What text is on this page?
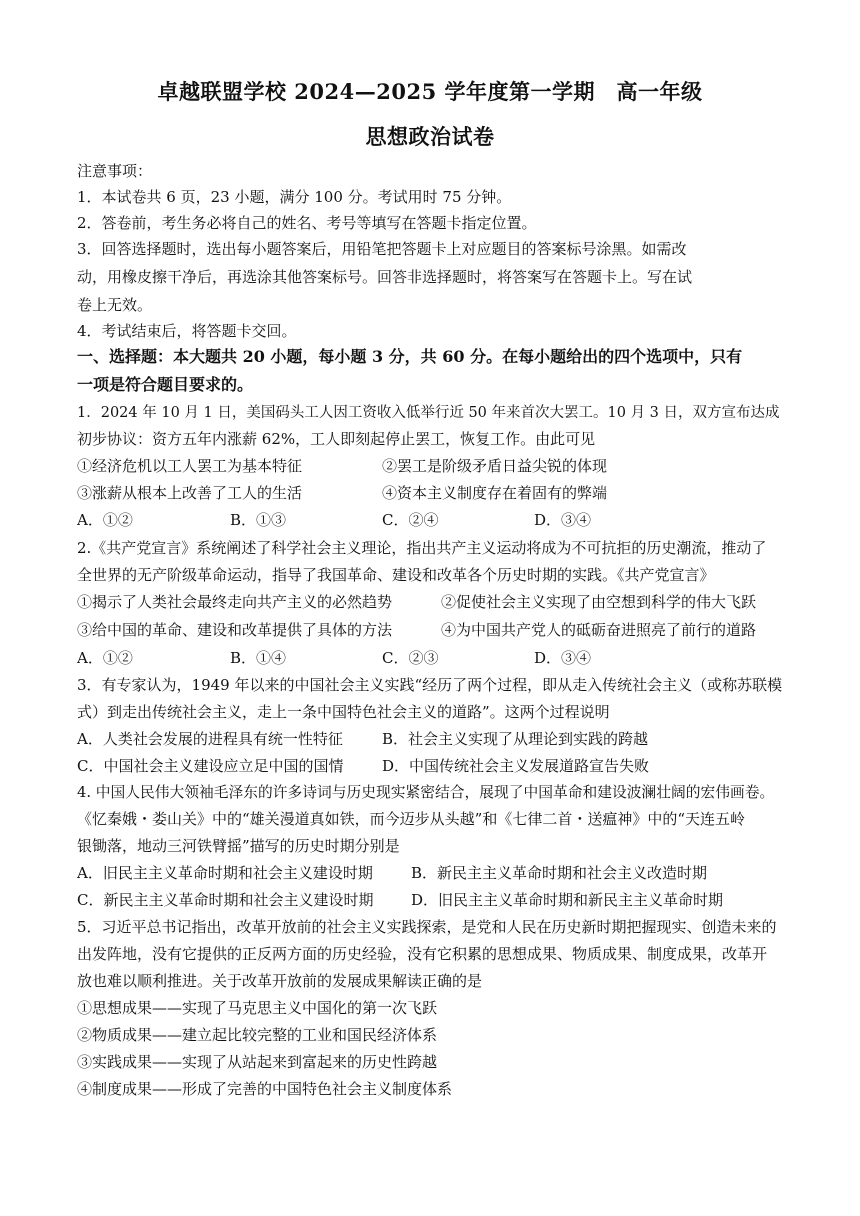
卓越联盟学校 2024—2025 学年度第一学期　高一年级
思想政治试卷
注意事项：
1．本试卷共 6 页，23 小题，满分 100 分。考试用时 75 分钟。
2．答卷前，考生务必将自己的姓名、考号等填写在答题卡指定位置。
3．回答选择题时，选出每小题答案后，用铅笔把答题卡上对应题目的答案标号涂黑。如需改
动，用橡皮擦干净后，再选涂其他答案标号。回答非选择题时，将答案写在答题卡上。写在试
卷上无效。
4．考试结束后，将答题卡交回。
一、选择题：本大题共 20 小题，每小题 3 分，共 60 分。在每小题给出的四个选项中，只有
一项是符合题目要求的。
1．2024 年 10 月 1 日，美国码头工人因工资收入低举行近 50 年来首次大罢工。10 月 3 日，双方宣布达成
初步协议：资方五年内涨薪 62%，工人即刻起停止罢工，恢复工作。由此可见
①经济危机以工人罢工为基本特征	②罢工是阶级矛盾日益尖锐的体现
③涨薪从根本上改善了工人的生活	④资本主义制度存在着固有的弊端
A．①②	B．①③	C．②④	D．③④
2.《共产党宣言》系统阐述了科学社会主义理论，指出共产主义运动将成为不可抗拒的历史潮流，推动了
全世界的无产阶级革命运动，指导了我国革命、建设和改革各个历史时期的实践。《共产党宣言》
①揭示了人类社会最终走向共产主义的必然趋势	②促使社会主义实现了由空想到科学的伟大飞跃
③给中国的革命、建设和改革提供了具体的方法	④为中国共产党人的砥砺奋进照亮了前行的道路
A．①②	B．①④	C．②③	D．③④
3．有专家认为，1949 年以来的中国社会主义实践“经历了两个过程，即从走入传统社会主义（或称苏联模
式）到走出传统社会主义，走上一条中国特色社会主义的道路”。这两个过程说明
A．人类社会发展的进程具有统一性特征	B．社会主义实现了从理论到实践的跨越
C．中国社会主义建设应立足中国的国情	D．中国传统社会主义发展道路宣告失败
4. 中国人民伟大领袖毛泽东的许多诗词与历史现实紧密结合，展现了中国革命和建设波澜壮阔的宏伟画卷。
《忆秦娥・娄山关》中的“雄关漫道真如铁，而今迈步从头越”和《七律二首・送瘟神》中的“天连五岭
银锄落，地动三河铁臂摇”描写的历史时期分别是
A．旧民主主义革命时期和社会主义建设时期	B．新民主主义革命时期和社会主义改造时期
C．新民主主义革命时期和社会主义建设时期	D．旧民主主义革命时期和新民主主义革命时期
5．习近平总书记指出，改革开放前的社会主义实践探索，是党和人民在历史新时期把握现实、创造未来的
出发阵地，没有它提供的正反两方面的历史经验，没有它积累的思想成果、物质成果、制度成果，改革开
放也难以顺利推进。关于改革开放前的发展成果解读正确的是
①思想成果——实现了马克思主义中国化的第一次飞跃
②物质成果——建立起比较完整的工业和国民经济体系
③实践成果——实现了从站起来到富起来的历史性跨越
④制度成果——形成了完善的中国特色社会主义制度体系
